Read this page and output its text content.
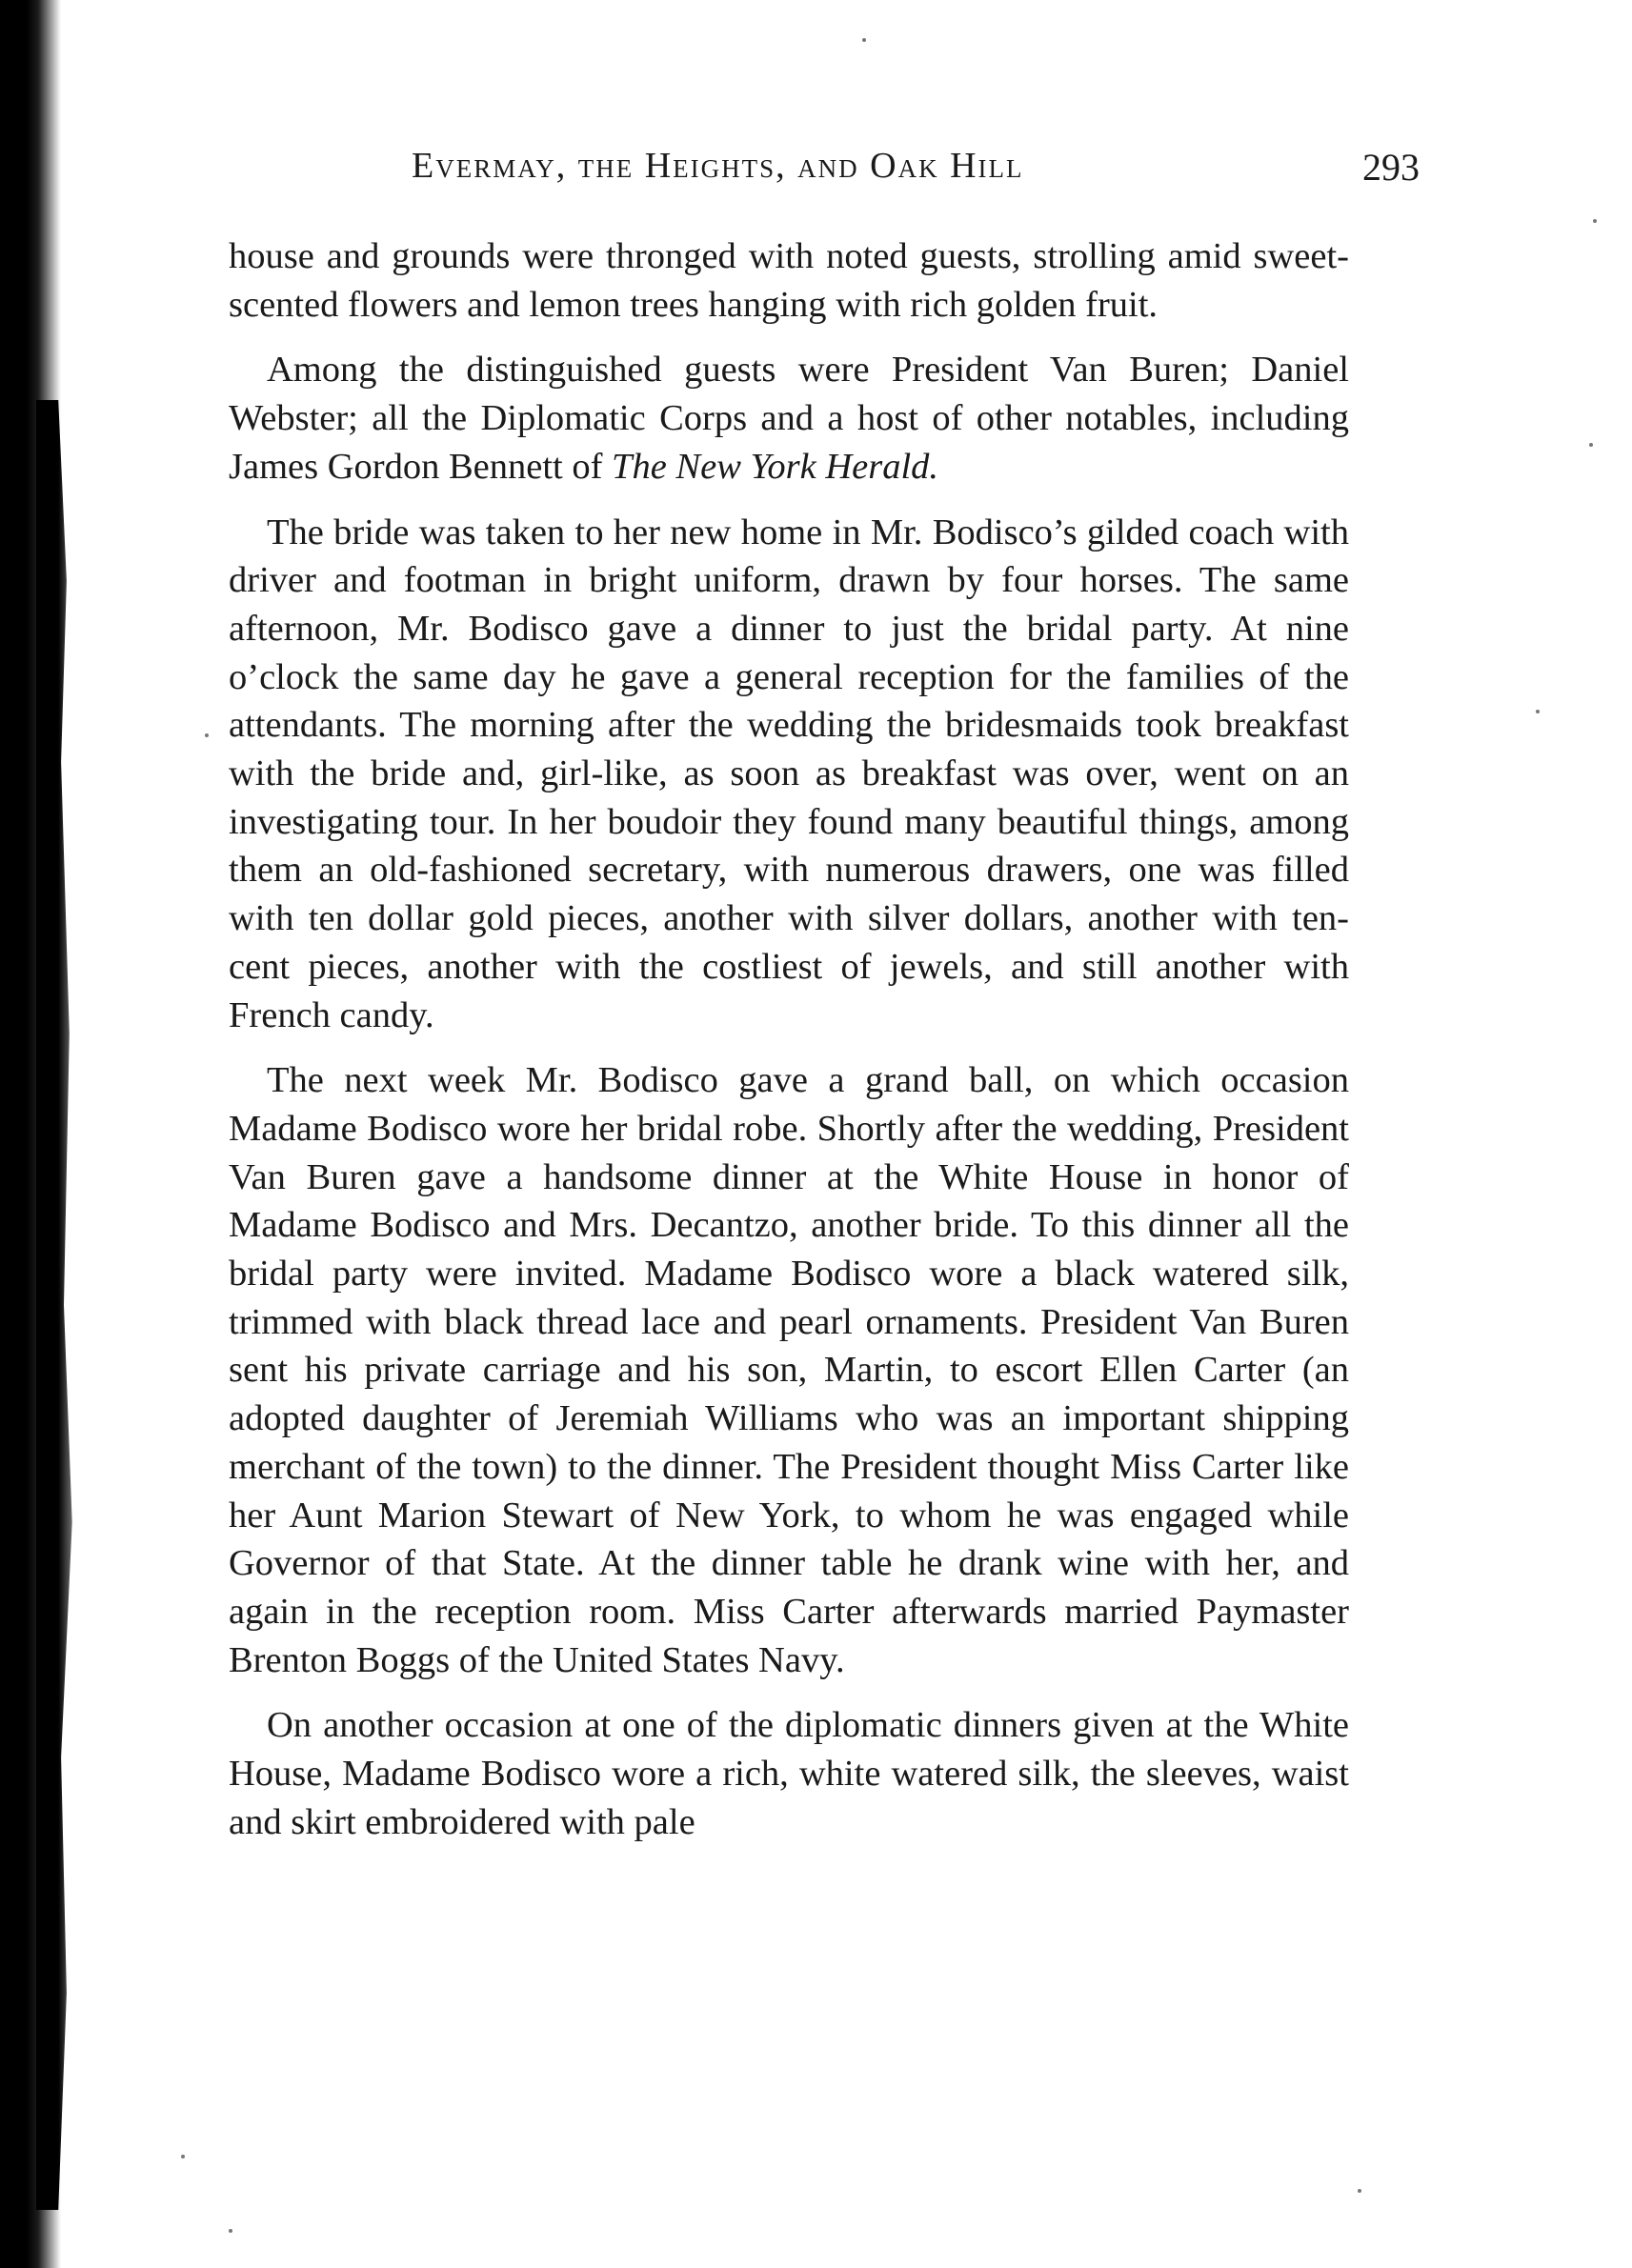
Evermay, the Heights, and Oak Hill	293

house and grounds were thronged with noted guests, strolling amid sweet-scented flowers and lemon trees hanging with rich golden fruit.

Among the distinguished guests were President Van Buren; Daniel Webster; all the Diplomatic Corps and a host of other notables, including James Gordon Bennett of The New York Herald.

The bride was taken to her new home in Mr. Bodisco’s gilded coach with driver and footman in bright uniform, drawn by four horses. The same afternoon, Mr. Bodisco gave a dinner to just the bridal party. At nine o’clock the same day he gave a general reception for the families of the attendants. The morning after the wedding the bridesmaids took breakfast with the bride and, girl-like, as soon as breakfast was over, went on an investigating tour. In her boudoir they found many beautiful things, among them an old-fashioned secretary, with numerous drawers, one was filled with ten dollar gold pieces, another with silver dollars, another with ten-cent pieces, another with the costliest of jewels, and still another with French candy.

The next week Mr. Bodisco gave a grand ball, on which occasion Madame Bodisco wore her bridal robe. Shortly after the wedding, President Van Buren gave a handsome dinner at the White House in honor of Madame Bodisco and Mrs. Decantzo, another bride. To this dinner all the bridal party were invited. Madame Bodisco wore a black watered silk, trimmed with black thread lace and pearl ornaments. President Van Buren sent his private carriage and his son, Martin, to escort Ellen Carter (an adopted daughter of Jeremiah Williams who was an important shipping merchant of the town) to the dinner. The President thought Miss Carter like her Aunt Marion Stewart of New York, to whom he was engaged while Governor of that State. At the dinner table he drank wine with her, and again in the reception room. Miss Carter afterwards married Paymaster Brenton Boggs of the United States Navy.

On another occasion at one of the diplomatic dinners given at the White House, Madame Bodisco wore a rich, white watered silk, the sleeves, waist and skirt embroidered with pale
